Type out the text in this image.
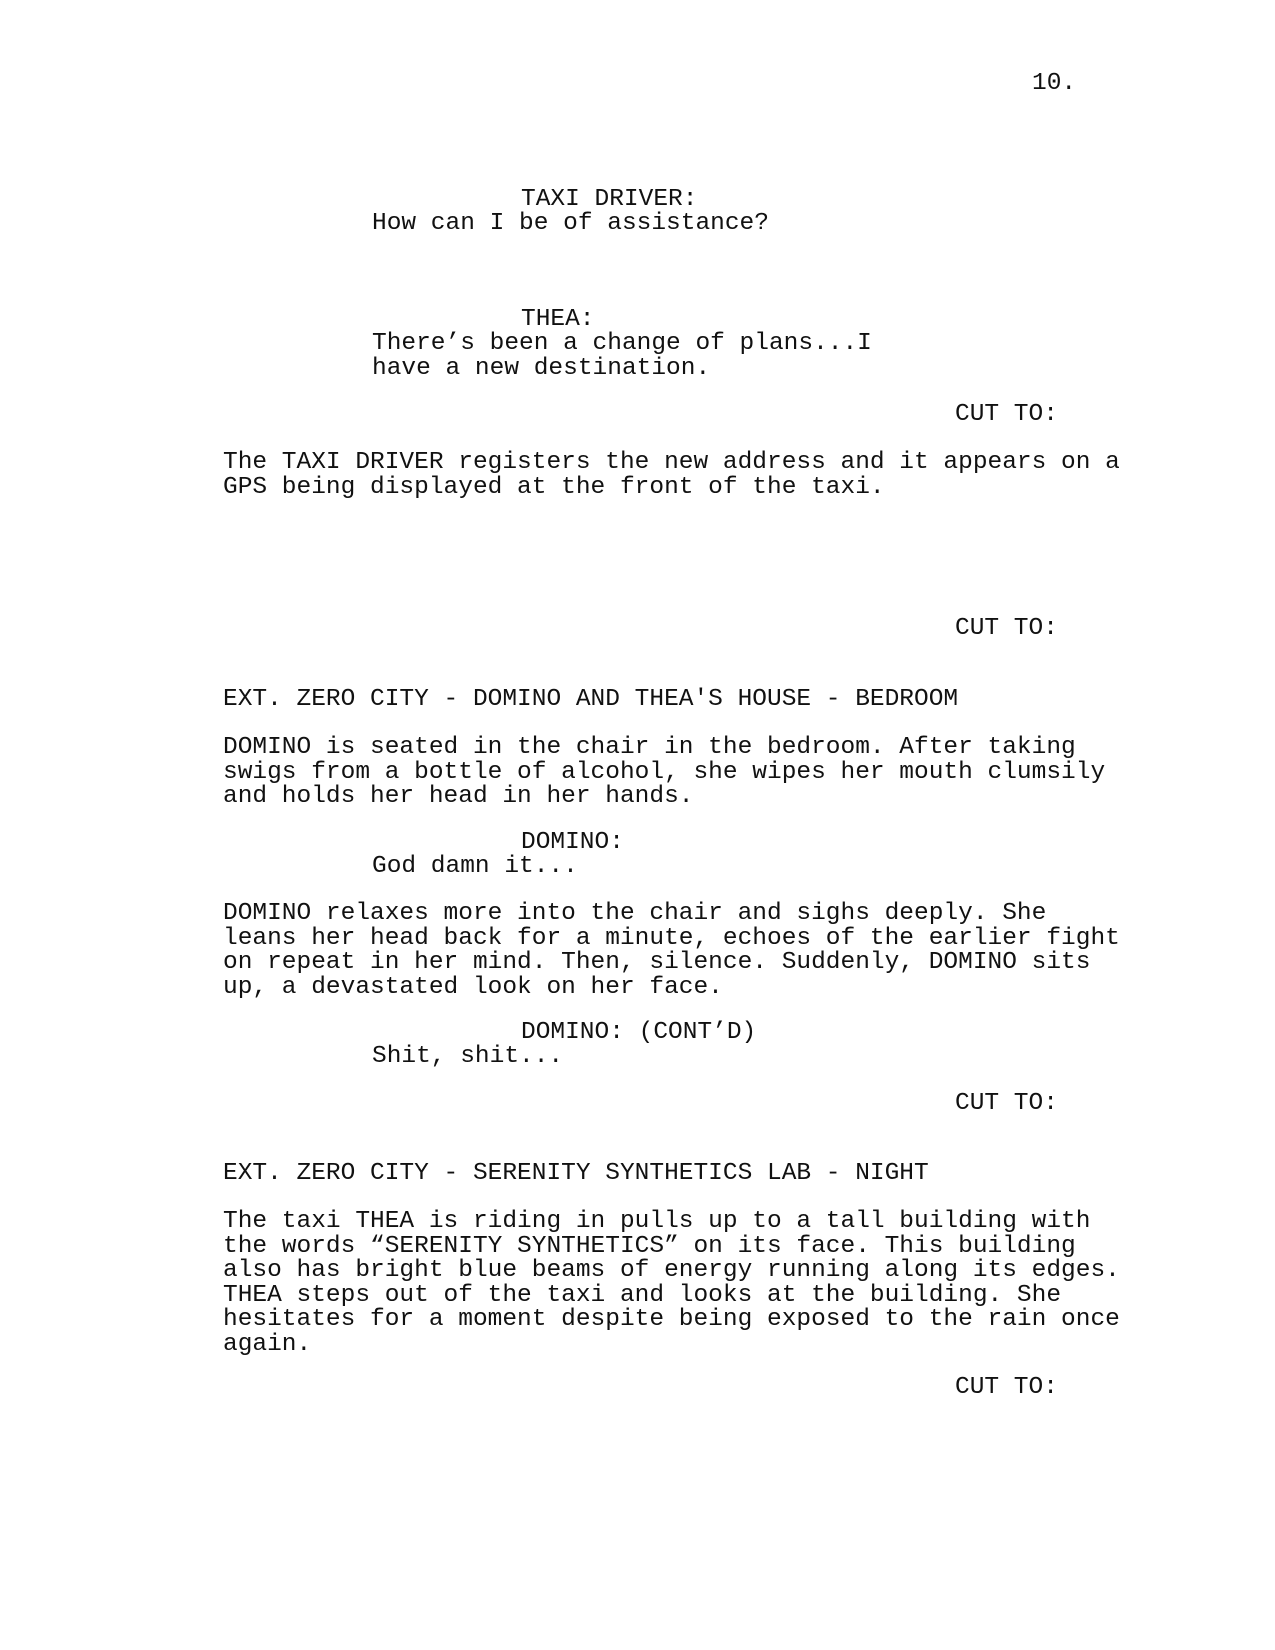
10.
TAXI DRIVER:
How can I be of assistance?
THEA:
There’s been a change of plans...I
have a new destination.
CUT TO:
The TAXI DRIVER registers the new address and it appears on a
GPS being displayed at the front of the taxi.
CUT TO:
EXT. ZERO CITY - DOMINO AND THEA'S HOUSE - BEDROOM
DOMINO is seated in the chair in the bedroom. After taking
swigs from a bottle of alcohol, she wipes her mouth clumsily
and holds her head in her hands.
DOMINO:
God damn it...
DOMINO relaxes more into the chair and sighs deeply. She
leans her head back for a minute, echoes of the earlier fight
on repeat in her mind. Then, silence. Suddenly, DOMINO sits
up, a devastated look on her face.
DOMINO: (CONT’D)
Shit, shit...
CUT TO:
EXT. ZERO CITY - SERENITY SYNTHETICS LAB - NIGHT
The taxi THEA is riding in pulls up to a tall building with
the words “SERENITY SYNTHETICS” on its face. This building
also has bright blue beams of energy running along its edges.
THEA steps out of the taxi and looks at the building. She
hesitates for a moment despite being exposed to the rain once
again.
CUT TO:
